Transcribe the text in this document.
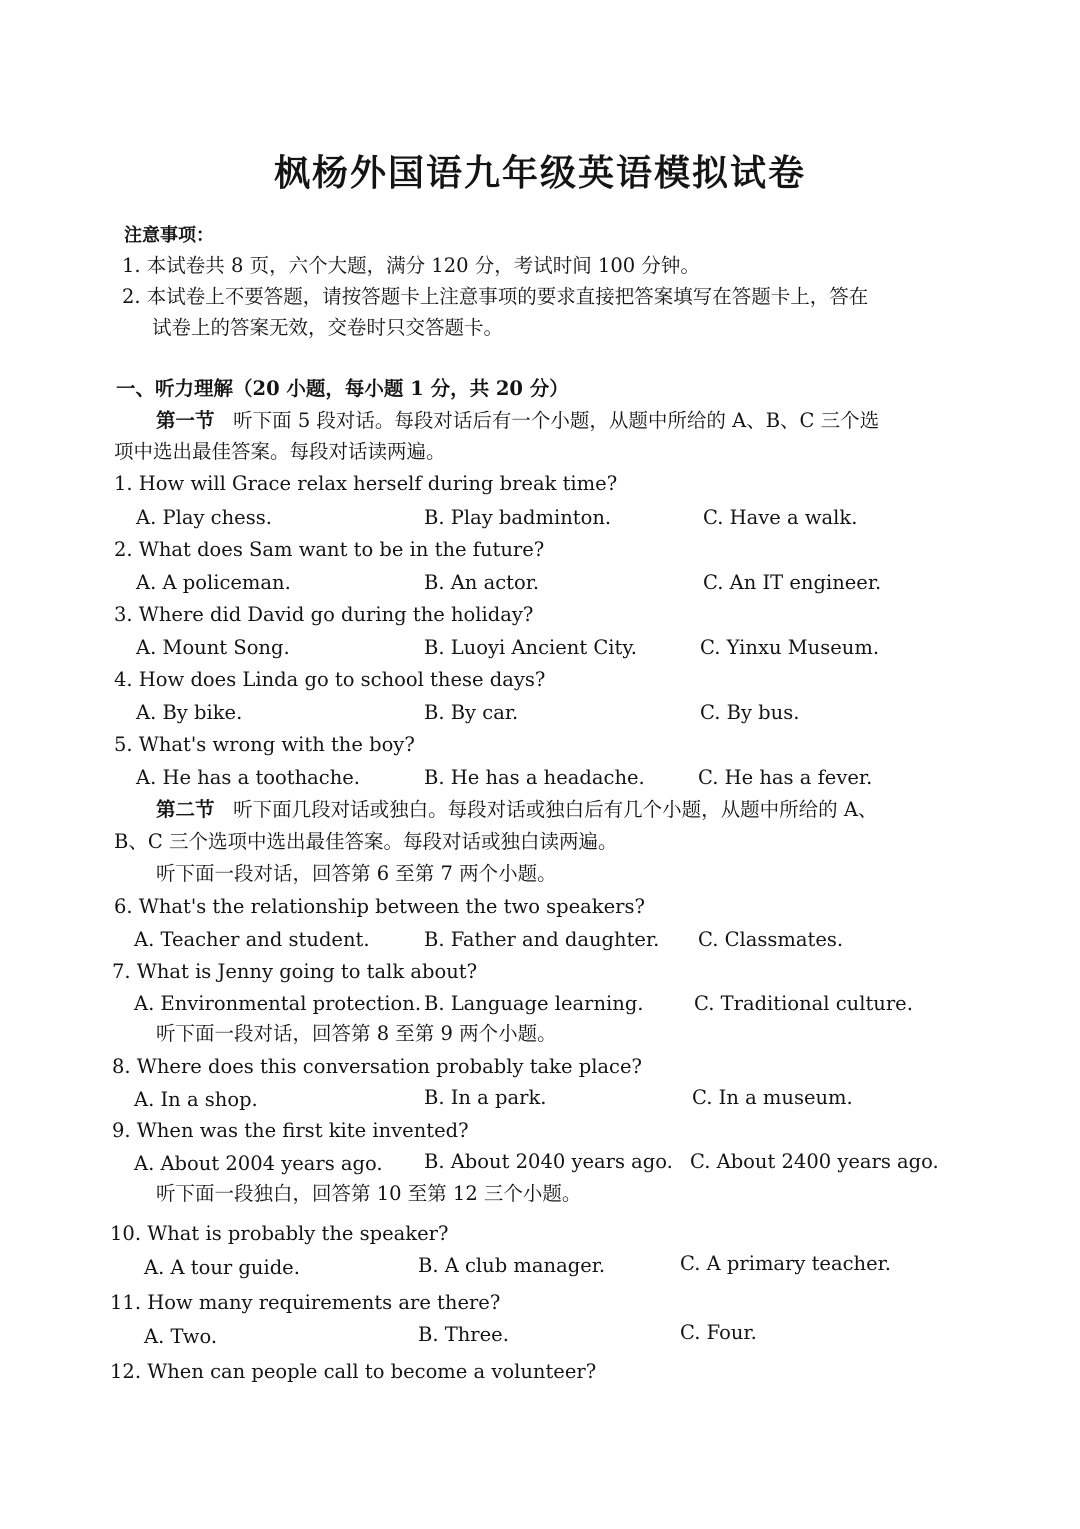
枫杨外国语九年级英语模拟试卷
注意事项：
1. 本试卷共 8 页，六个大题，满分 120 分，考试时间 100 分钟。
2. 本试卷上不要答题，请按答题卡上注意事项的要求直接把答案填写在答题卡上，答在
试卷上的答案无效，交卷时只交答题卡。
一、听力理解（20 小题，每小题 1 分，共 20 分）
第一节 听下面 5 段对话。每段对话后有一个小题，从题中所给的 A、B、C 三个选
项中选出最佳答案。每段对话读两遍。
1. How will Grace relax herself during break time?
A. Play chess.	B. Play badminton.	C. Have a walk.
2. What does Sam want to be in the future?
A. A policeman.	B. An actor.	C. An IT engineer.
3. Where did David go during the holiday?
A. Mount Song.	B. Luoyi Ancient City.	C. Yinxu Museum.
4. How does Linda go to school these days?
A. By bike.	B. By car.	C. By bus.
5. What's wrong with the boy?
A. He has a toothache.	B. He has a headache.	C. He has a fever.
第二节 听下面几段对话或独白。每段对话或独白后有几个小题，从题中所给的 A、
B、C 三个选项中选出最佳答案。每段对话或独白读两遍。
听下面一段对话，回答第 6 至第 7 两个小题。
6. What's the relationship between the two speakers?
A. Teacher and student.	B. Father and daughter. C. Classmates.
7. What is Jenny going to talk about?
A. Environmental protection. B. Language learning.	C. Traditional culture.
听下面一段对话，回答第 8 至第 9 两个小题。
8. Where does this conversation probably take place?
A. In a shop.	B. In a park.	C. In a museum.
9. When was the first kite invented?
A. About 2004 years ago. B. About 2040 years ago. C. About 2400 years ago.
听下面一段独白，回答第 10 至第 12 三个小题。
10. What is probably the speaker?
A. A tour guide.	B. A club manager.	C. A primary teacher.
11. How many requirements are there?
A. Two.	B. Three.	C. Four.
12. When can people call to become a volunteer?
